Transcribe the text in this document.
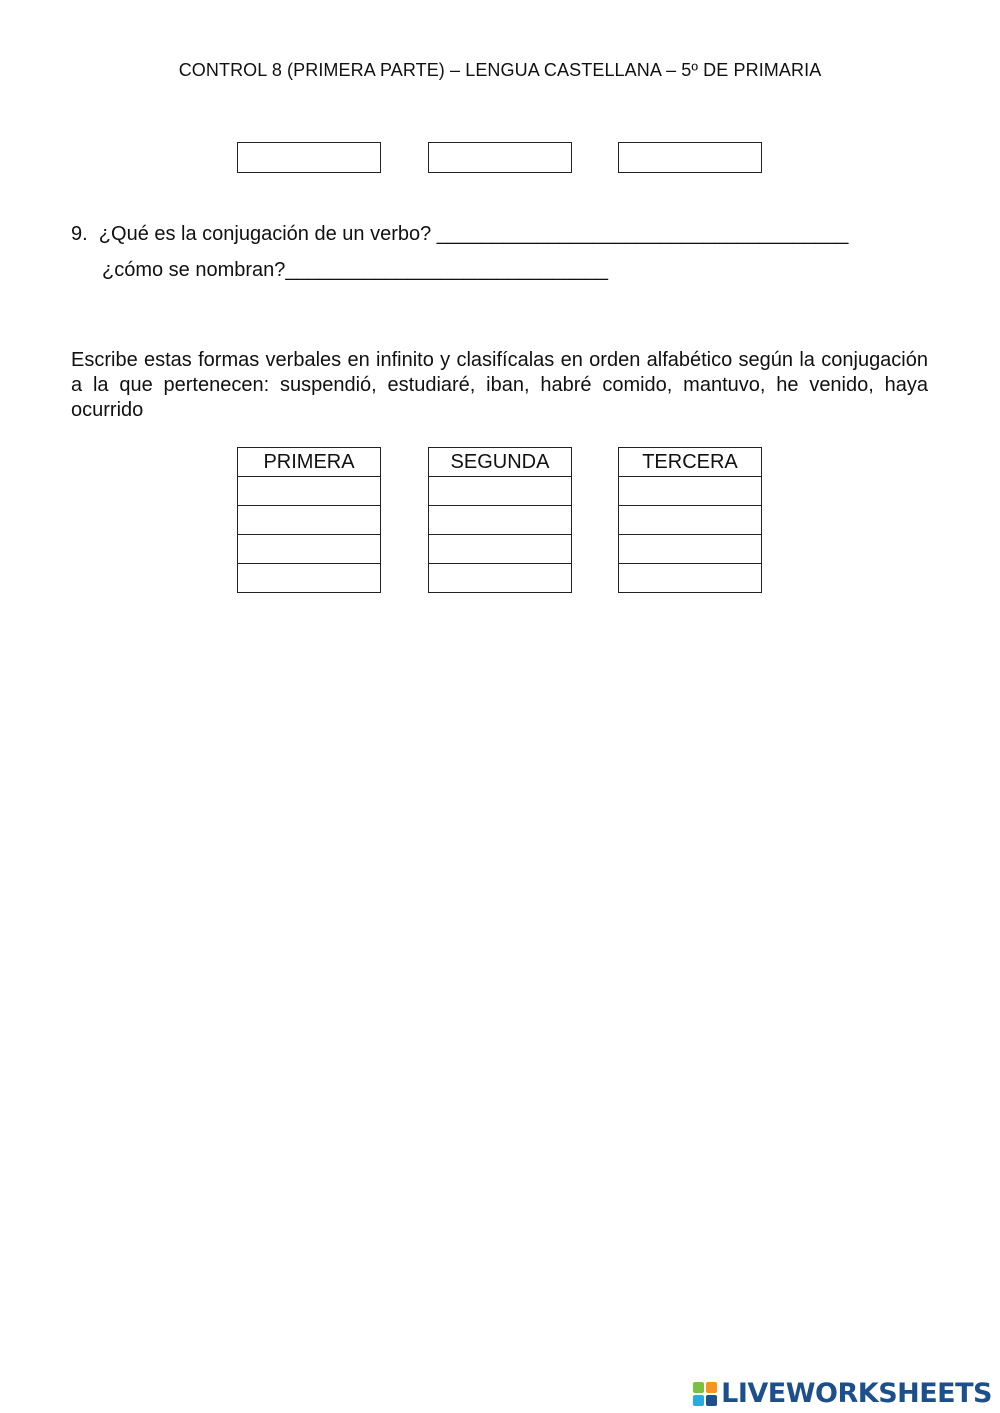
CONTROL 8 (PRIMERA PARTE) – LENGUA CASTELLANA – 5º DE PRIMARIA
9.  ¿Qué es la conjugación de un verbo? _____________________________________
¿cómo se nombran?_____________________________
Escribe estas formas verbales en infinito y clasifícalas en orden alfabético según la conjugación a la que pertenecen: suspendió, estudiaré, iban, habré comido, mantuvo, he venido, haya ocurrido
PRIMERA	SEGUNDA	TERCERA

LIVEWORKSHEETS
